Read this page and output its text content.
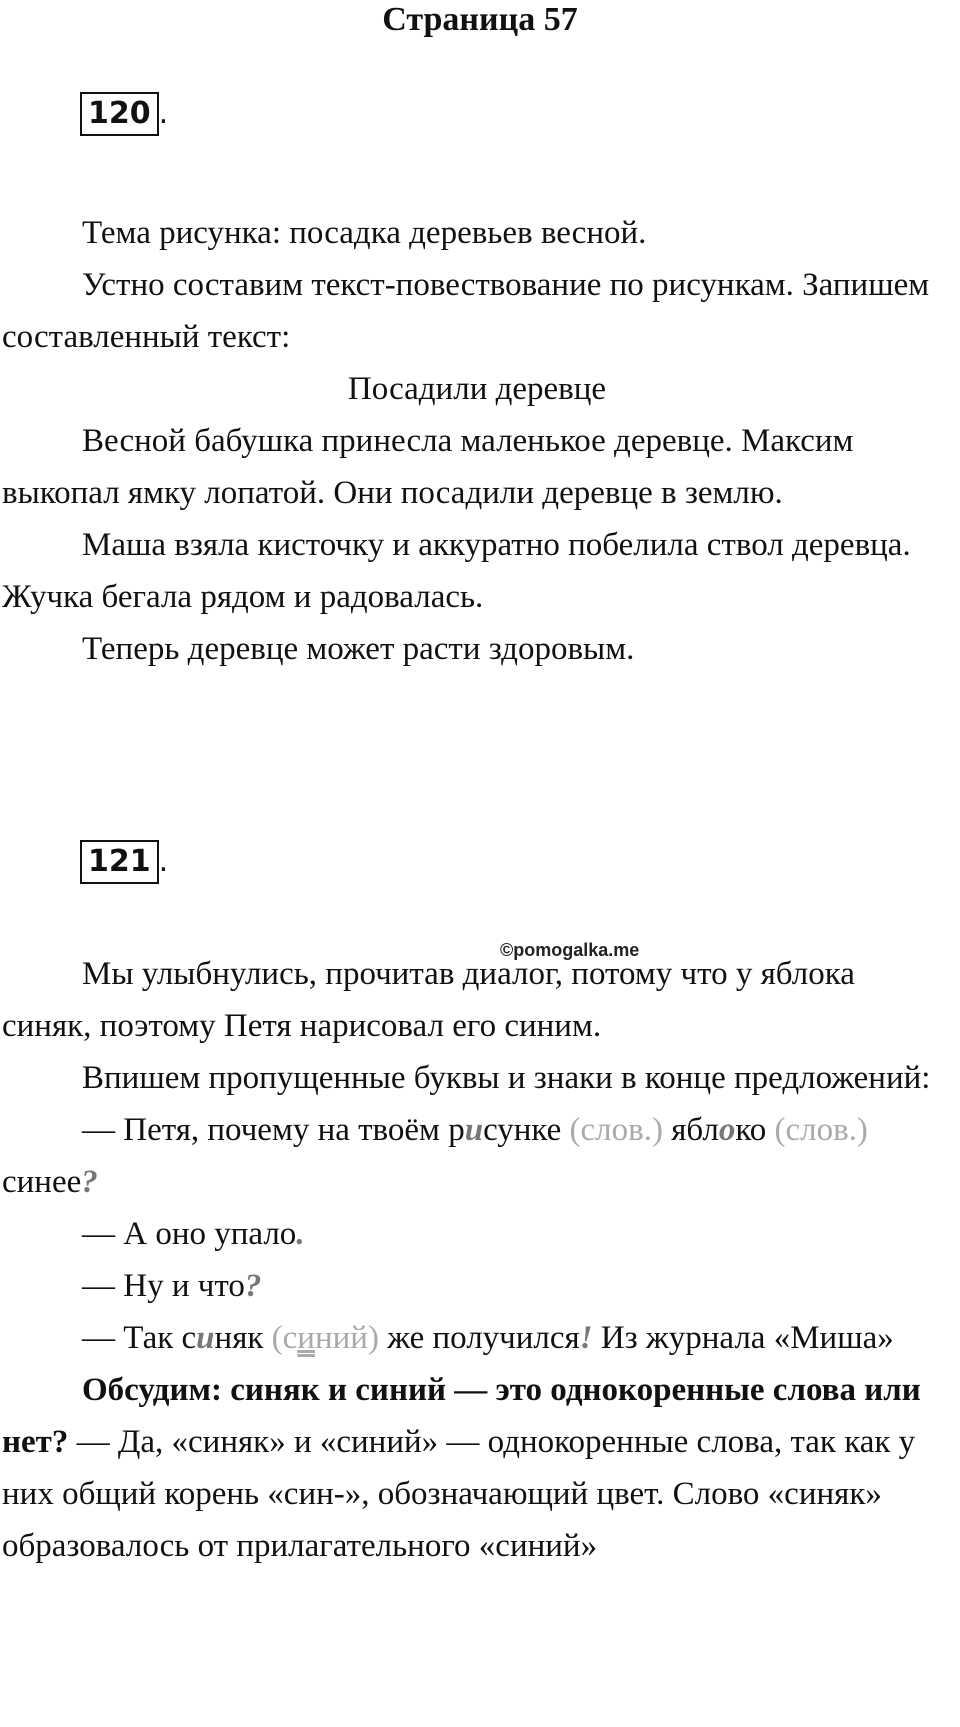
Страница 57
120 .

Тема рисунка: посадка деревьев весной.

Устно составим текст-повествование по рисункам. Запишем составленный текст:

Посадили деревце

Весной бабушка принесла маленькое деревце. Максим выкопал ямку лопатой. Они посадили деревце в землю.

Маша взяла кисточку и аккуратно побелила ствол деревца. Жучка бегала рядом и радовалась.

Теперь деревце может расти здоровым.

121 .
©pomogalka.me

Мы улыбнулись, прочитав диалог, потому что у яблока синяк, поэтому Петя нарисовал его синим.

Впишем пропущенные буквы и знаки в конце предложений:

— Петя, почему на твоём рисунке (слов.) яблоко (слов.) синее?

— А оно упало.

— Ну и что?

— Так синяк (синий) же получился! Из журнала «Миша»

Обсудим: синяк и синий — это однокоренные слова или нет? — Да, «синяк» и «синий» — однокоренные слова, так как у них общий корень «син-», обозначающий цвет. Слово «синяк» образовалось от прилагательного «синий»
